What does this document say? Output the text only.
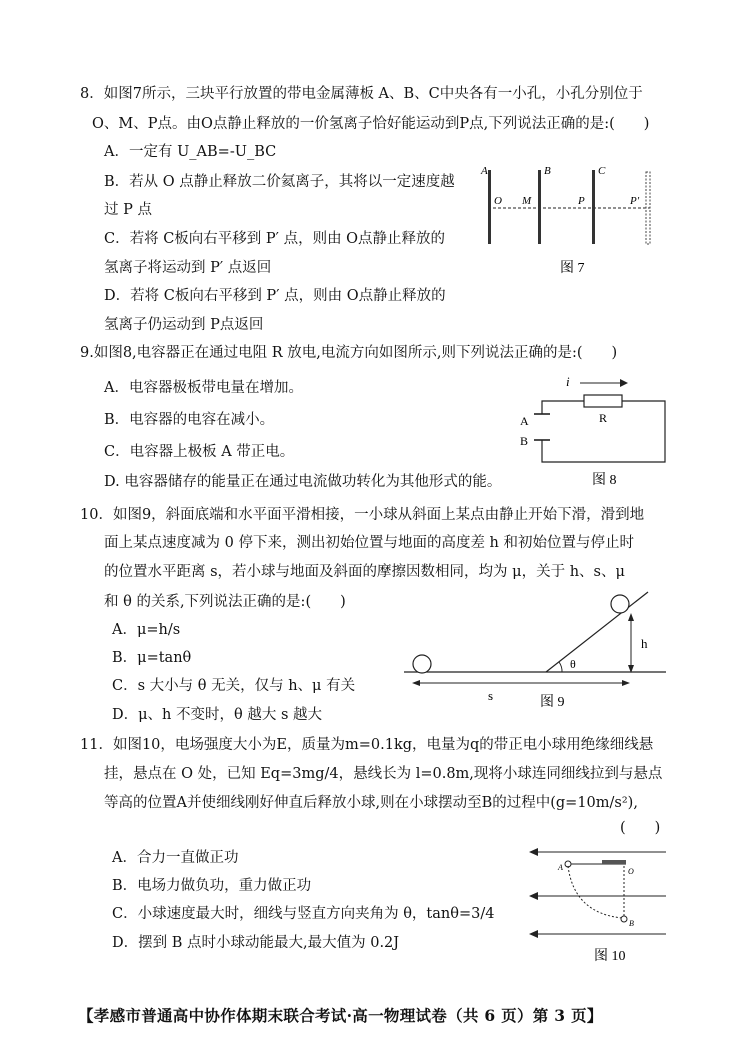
8．如图7所示，三块平行放置的带电金属薄板 A、B、C中央各有一小孔，小孔分别位于
O、M、P点。由O点静止释放的一价氢离子恰好能运动到P点,下列说法正确的是:(　　)
A．一定有 U_AB=-U_BC
B．若从 O 点静止释放二价氦离子，其将以一定速度越
过 P 点
C．若将 C板向右平移到 P′ 点，则由 O点静止释放的
氢离子将运动到 P′ 点返回
D．若将 C板向右平移到 P′ 点，则由 O点静止释放的
氢离子仍运动到 P点返回
A	B	C
O M	P	P′
图 7
9.如图8,电容器正在通过电阻 R 放电,电流方向如图所示,则下列说法正确的是:(　　)
A．电容器极板带电量在增加。
B．电容器的电容在减小。
C．电容器上极板 A 带正电。
D. 电容器储存的能量正在通过电流做功转化为其他形式的能。
i
R
A
B
图 8
10．如图9，斜面底端和水平面平滑相接，一小球从斜面上某点由静止开始下滑，滑到地
面上某点速度减为 0 停下来，测出初始位置与地面的高度差 h 和初始位置与停止时
的位置水平距离 s，若小球与地面及斜面的摩擦因数相同，均为 μ，关于 h、s、μ
和 θ 的关系,下列说法正确的是:(　　)
A．μ=h/s
B．μ=tanθ
C．s 大小与 θ 无关，仅与 h、μ 有关
D．μ、h 不变时，θ 越大 s 越大
h
θ
s	图 9
11．如图10，电场强度大小为E，质量为m=0.1kg，电量为q的带正电小球用绝缘细线悬
挂，悬点在 O 处，已知 Eq=3mg/4，悬线长为 l=0.8m,现将小球连同细线拉到与悬点
等高的位置A并使细线刚好伸直后释放小球,则在小球摆动至B的过程中(g=10m/s²),
(　　)
A．合力一直做正功
B．电场力做负功，重力做正功
C．小球速度最大时，细线与竖直方向夹角为 θ，tanθ=3/4
D．摆到 B 点时小球动能最大,最大值为 0.2J
A	O
B
图 10
【孝感市普通高中协作体期末联合考试·高一物理试卷（共 6 页）第 3 页】
